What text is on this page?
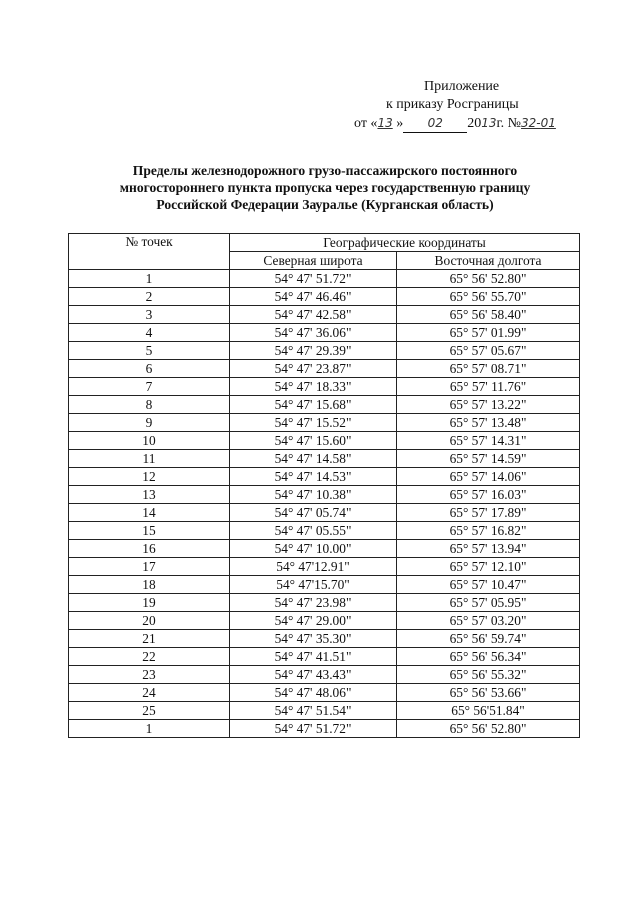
Приложение
к приказу Росграницы
от «13 » 02 2013г. №32-01
Пределы железнодорожного грузо-пассажирского постоянного
многостороннего пункта пропуска через государственную границу
Российской Федерации Зауралье (Курганская область)
№ точек	Географические координаты	
	Северная широта	Восточная долгота
1	54° 47' 51.72"	65° 56' 52.80"
2	54° 47' 46.46"	65° 56' 55.70"
3	54° 47' 42.58"	65° 56' 58.40"
4	54° 47' 36.06"	65° 57' 01.99"
5	54° 47' 29.39"	65° 57' 05.67"
6	54° 47' 23.87"	65° 57' 08.71"
7	54° 47' 18.33"	65° 57' 11.76"
8	54° 47' 15.68"	65° 57' 13.22"
9	54° 47' 15.52"	65° 57' 13.48"
10	54° 47' 15.60"	65° 57' 14.31"
11	54° 47' 14.58"	65° 57' 14.59"
12	54° 47' 14.53"	65° 57' 14.06"
13	54° 47' 10.38"	65° 57' 16.03"
14	54° 47' 05.74"	65° 57' 17.89"
15	54° 47' 05.55"	65° 57' 16.82"
16	54° 47' 10.00"	65° 57' 13.94"
17	54° 47'12.91"	65° 57' 12.10"
18	54° 47'15.70"	65° 57' 10.47"
19	54° 47' 23.98"	65° 57' 05.95"
20	54° 47' 29.00"	65° 57' 03.20"
21	54° 47' 35.30"	65° 56' 59.74"
22	54° 47' 41.51"	65° 56' 56.34"
23	54° 47' 43.43"	65° 56' 55.32"
24	54° 47' 48.06"	65° 56' 53.66"
25	54° 47' 51.54"	65° 56'51.84"
1	54° 47' 51.72"	65° 56' 52.80"
